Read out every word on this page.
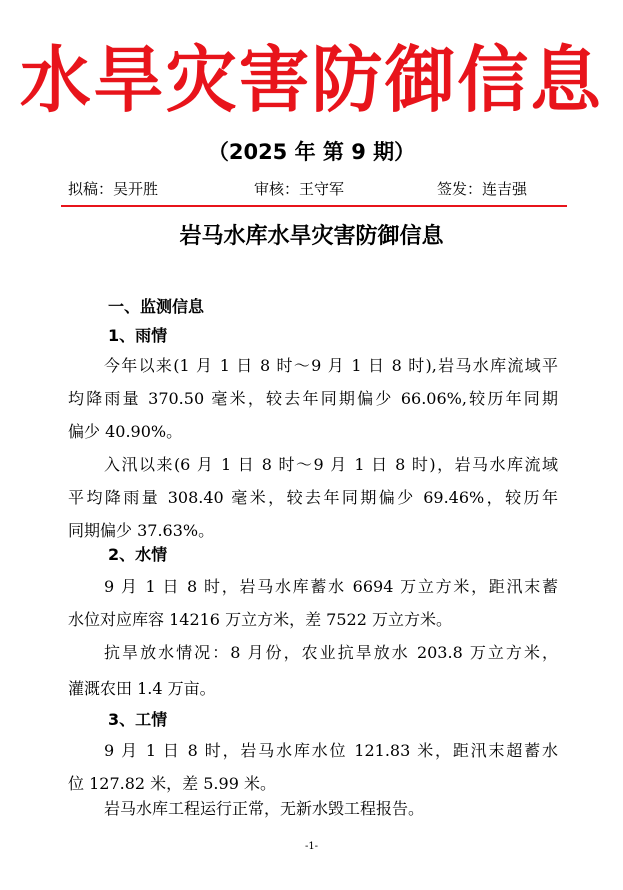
水旱灾害防御信息
（2025 年 第 9 期）
拟稿：吴开胜	审核：王守军	签发：连吉强
岩马水库水旱灾害防御信息
一、监测信息
1、雨情
今年以来(1 月 1 日 8 时～9 月 1 日 8 时),岩马水库流域平
均降雨量 370.50 毫米，较去年同期偏少 66.06%,较历年同期
偏少 40.90%。
入汛以来(6 月 1 日 8 时～9 月 1 日 8 时)，岩马水库流域
平均降雨量 308.40 毫米，较去年同期偏少 69.46%，较历年
同期偏少 37.63%。
2、水情
9 月 1 日 8 时，岩马水库蓄水 6694 万立方米，距汛末蓄
水位对应库容 14216 万立方米，差 7522 万立方米。
抗旱放水情况：8 月份，农业抗旱放水 203.8 万立方米，
灌溉农田 1.4 万亩。
3、工情
9 月 1 日 8 时，岩马水库水位 121.83 米，距汛末超蓄水
位 127.82 米，差 5.99 米。
岩马水库工程运行正常，无新水毁工程报告。
-1-
